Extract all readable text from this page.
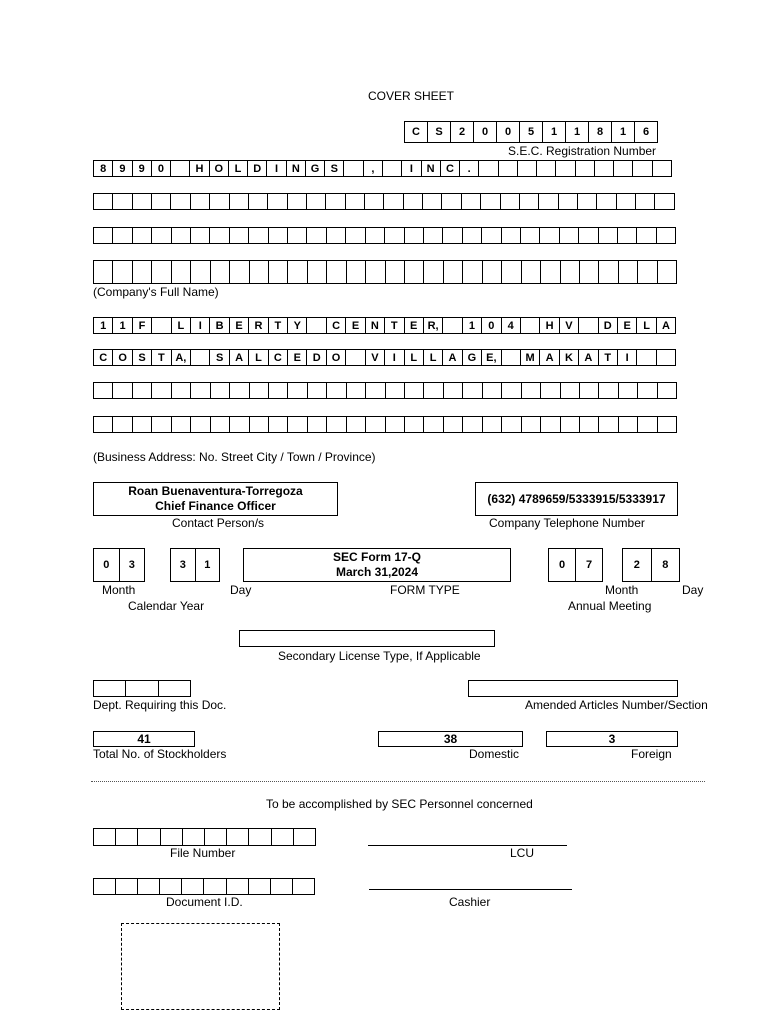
COVER SHEET
C	S	2	0	0	5	1	1	8	1	6
S.E.C. Registration Number
8	9	9	0	H	O	L	D	I	N	G	S	,	I	N	C	.
(Company's Full Name)
1	1	F	L	I	B	E	R	T	Y	C	E	N	T	E R,	1	0	4	H	V	D	E	L	A
C	O	S	T A,	S	A	L	C	E	D	O	V	I	L	L	A	G E,	M A	K	A	T	I
(Business Address: No. Street City / Town / Province)
Roan Buenaventura-Torregoza
Chief Finance Officer
Contact Person/s
(632) 4789659/5333915/5333917
Company Telephone Number
0	3	3	1
Month	Day
Calendar Year
SEC Form 17-Q
March 31,2024
FORM TYPE
0	7	2	8
Month	Day
Annual Meeting
Secondary License Type, If Applicable
Dept. Requiring this Doc.	Amended Articles Number/Section
41
Total No. of Stockholders
38
Domestic
3
Foreign
To be accomplished by SEC Personnel concerned
File Number	LCU
Document I.D.	Cashier
